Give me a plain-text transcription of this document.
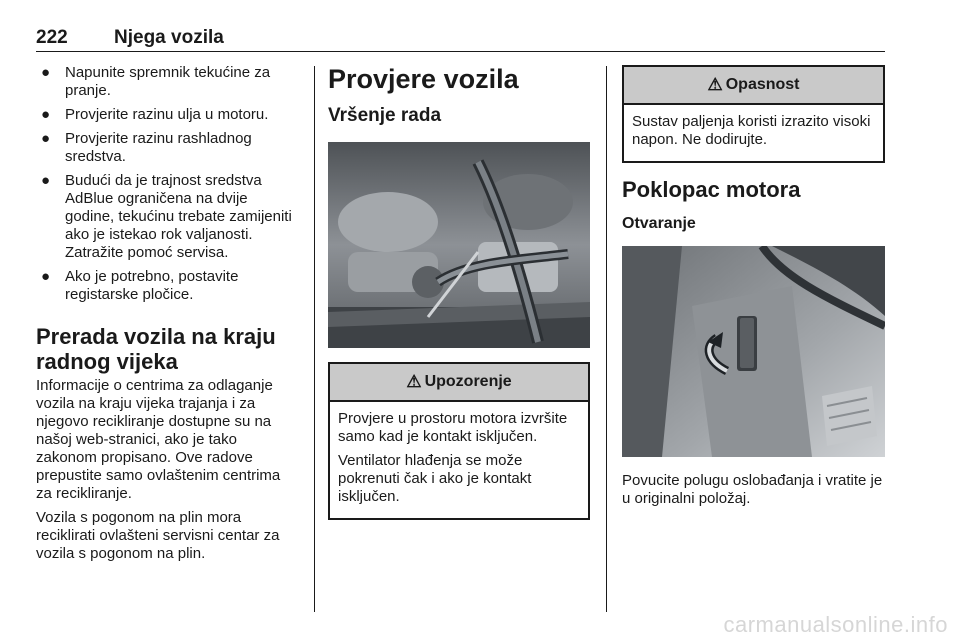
222 Njega vozila
● Napunite spremnik tekućine za pranje.
● Provjerite razinu ulja u motoru.
● Provjerite razinu rashladnog sredstva.
● Budući da je trajnost sredstva AdBlue ograničena na dvije godine, tekućinu trebate zamijeniti ako je istekao rok valjanosti. Zatražite pomoć servisa.
● Ako je potrebno, postavite registarske pločice.
Prerada vozila na kraju radnog vijeka

Informacije o centrima za odlaganje vozila na kraju vijeka trajanja i za njegovo recikliranje dostupne su na našoj web-stranici, ako je tako zakonom propisano. Ove radove prepustite samo ovlaštenim centrima za recikliranje.

Vozila s pogonom na plin mora reciklirati ovlašteni servisni centar za vozila s pogonom na plin.

Provjere vozila
Vršenje rada
⚠ Upozorenje

Provjere u prostoru motora izvršite samo kad je kontakt isključen.

Ventilator hlađenja se može pokrenuti čak i ako je kontakt isključen.

⚠ Opasnost

Sustav paljenja koristi izrazito visoki napon. Ne dodirujte.

Poklopac motora
Otvaranje

Povucite polugu oslobađanja i vratite je u originalni položaj.

carmanualsonline.info
